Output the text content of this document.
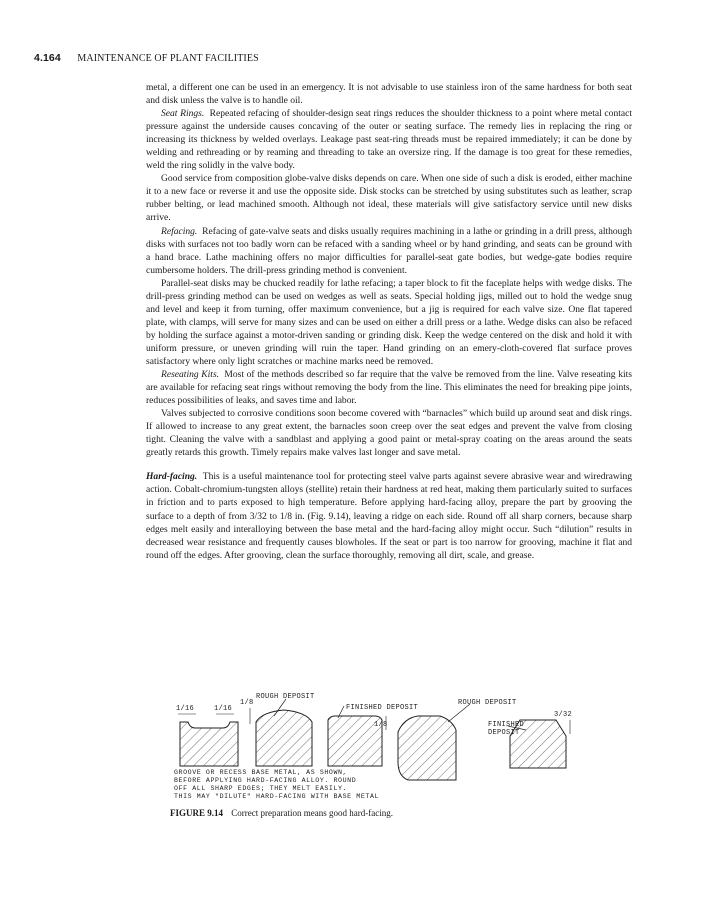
4.164 MAINTENANCE OF PLANT FACILITIES

metal, a different one can be used in an emergency. It is not advisable to use stainless iron of the same hardness for both seat and disk unless the valve is to handle oil.

Seat Rings. Repeated refacing of shoulder-design seat rings reduces the shoulder thickness to a point where metal contact pressure against the underside causes concaving of the outer or seating surface. The remedy lies in replacing the ring or increasing its thickness by welded overlays. Leakage past seat-ring threads must be repaired immediately; it can be done by welding and rethreading or by reaming and threading to take an oversize ring. If the damage is too great for these remedies, weld the ring solidly in the valve body.

Good service from composition globe-valve disks depends on care. When one side of such a disk is eroded, either machine it to a new face or reverse it and use the opposite side. Disk stocks can be stretched by using substitutes such as leather, scrap rubber belting, or lead machined smooth. Although not ideal, these materials will give satisfactory service until new disks arrive.

Refacing. Refacing of gate-valve seats and disks usually requires machining in a lathe or grinding in a drill press, although disks with surfaces not too badly worn can be refaced with a sanding wheel or by hand grinding, and seats can be ground with a hand brace. Lathe machining offers no major difficulties for parallel-seat gate bodies, but wedge-gate bodies require cumbersome holders. The drill-press grinding method is convenient.

Parallel-seat disks may be chucked readily for lathe refacing; a taper block to fit the faceplate helps with wedge disks. The drill-press grinding method can be used on wedges as well as seats. Special holding jigs, milled out to hold the wedge snug and level and keep it from turning, offer maximum convenience, but a jig is required for each valve size. One flat tapered plate, with clamps, will serve for many sizes and can be used on either a drill press or a lathe. Wedge disks can also be refaced by holding the surface against a motor-driven sanding or grinding disk. Keep the wedge centered on the disk and hold it with uniform pressure, or uneven grinding will ruin the taper. Hand grinding on an emery-cloth-covered flat surface proves satisfactory where only light scratches or machine marks need be removed.

Reseating Kits. Most of the methods described so far require that the valve be removed from the line. Valve reseating kits are available for refacing seat rings without removing the body from the line. This eliminates the need for breaking pipe joints, reduces possibilities of leaks, and saves time and labor.

Valves subjected to corrosive conditions soon become covered with “barnacles” which build up around seat and disk rings. If allowed to increase to any great extent, the barnacles soon creep over the seat edges and prevent the valve from closing tight. Cleaning the valve with a sandblast and applying a good paint or metal-spray coating on the areas around the seats greatly retards this growth. Timely repairs make valves last longer and save metal.

Hard-facing. This is a useful maintenance tool for protecting steel valve parts against severe abrasive wear and wiredrawing action. Cobalt-chromium-tungsten alloys (stellite) retain their hardness at red heat, making them particularly suited to surfaces in friction and to parts exposed to high temperature. Before applying hard-facing alloy, prepare the part by grooving the surface to a depth of from 3/32 to 1/8 in. (Fig. 9.14), leaving a ridge on each side. Round off all sharp corners, because sharp edges melt easily and interalloying between the base metal and the hard-facing alloy might occur. Such “dilution” results in decreased wear resistance and frequently causes blowholes. If the seat or part is too narrow for grooving, machine it flat and round off the edges. After grooving, clean the surface thoroughly, removing all dirt, scale, and grease.

ROUGH DEPOSIT
FINISHED DEPOSIT
ROUGH DEPOSIT
FINISHED
DEPOSIT
1/16	1/16
1/8
1/8
3/32
GROOVE OR RECESS BASE METAL, AS SHOWN,
BEFORE APPLYING HARD-FACING ALLOY. ROUND
OFF ALL SHARP EDGES; THEY MELT EASILY.
THIS MAY "DILUTE" HARD-FACING WITH BASE METAL
FIGURE 9.14 Correct preparation means good hard-facing.
